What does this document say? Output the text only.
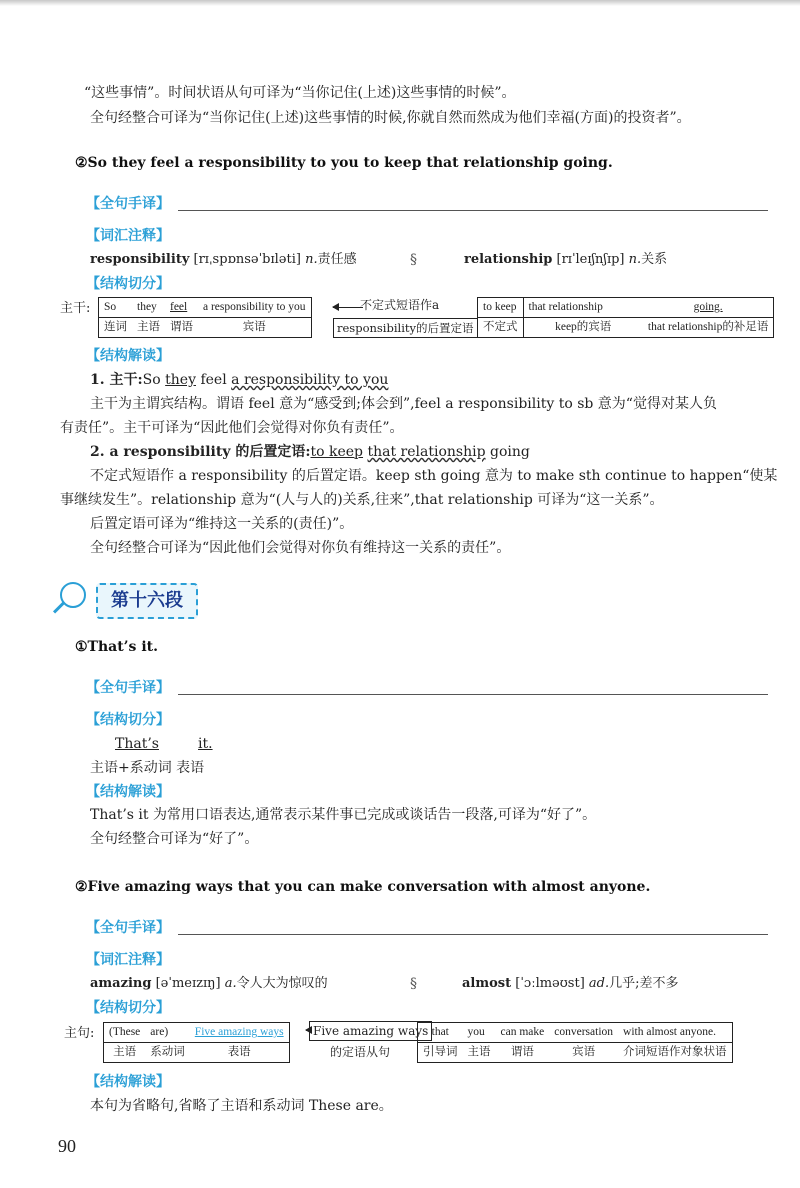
“这些事情”。时间状语从句可译为“当你记住(上述)这些事情的时候”。
全句经整合可译为“当你记住(上述)这些事情的时候,你就自然而然成为他们幸福(方面)的投资者”。
②So they feel a responsibility to you to keep that relationship going.
【全句手译】
【词汇注释】
responsibility [rɪˌspɒnsəˈbɪləti] n.责任感	§	relationship [rɪˈleɪʃnʃɪp] n.关系
【结构切分】
主干: So	they	feel	a responsibility to you
连词	主语	谓语	宾语
不定式短语作a
responsibility的后置定语
to keep	that relationship	going.
不定式	keep的宾语	that relationship的补足语
【结构解读】
1. 主干:So they feel a responsibility to you
主干为主谓宾结构。谓语 feel 意为“感受到;体会到”,feel a responsibility to sb 意为“觉得对某人负
有责任”。主干可译为“因此他们会觉得对你负有责任”。
2. a responsibility 的后置定语:to keep that relationship going
不定式短语作 a responsibility 的后置定语。keep sth going 意为 to make sth continue to happen“使某
事继续发生”。relationship 意为“(人与人的)关系,往来”,that relationship 可译为“这一关系”。
后置定语可译为“维持这一关系的(责任)”。
全句经整合可译为“因此他们会觉得对你负有维持这一关系的责任”。
第十六段
①That’s it.
【全句手译】
【结构切分】
That’s	it.
主语+系动词 表语
【结构解读】
That’s it 为常用口语表达,通常表示某件事已完成或谈话告一段落,可译为“好了”。
全句经整合可译为“好了”。
②Five amazing ways that you can make conversation with almost anyone.
【全句手译】
【词汇注释】
amazing [əˈmeɪzɪŋ] a.令人大为惊叹的	§	almost [ˈɔːlməʊst] ad.几乎;差不多
【结构切分】
主句: (These	are)	Five amazing ways
主语	系动词	表语
Five amazing ways
的定语从句
that	you	can make	conversation	with almost anyone.
引导词	主语	谓语	宾语	介词短语作对象状语
【结构解读】
本句为省略句,省略了主语和系动词 These are。
90
